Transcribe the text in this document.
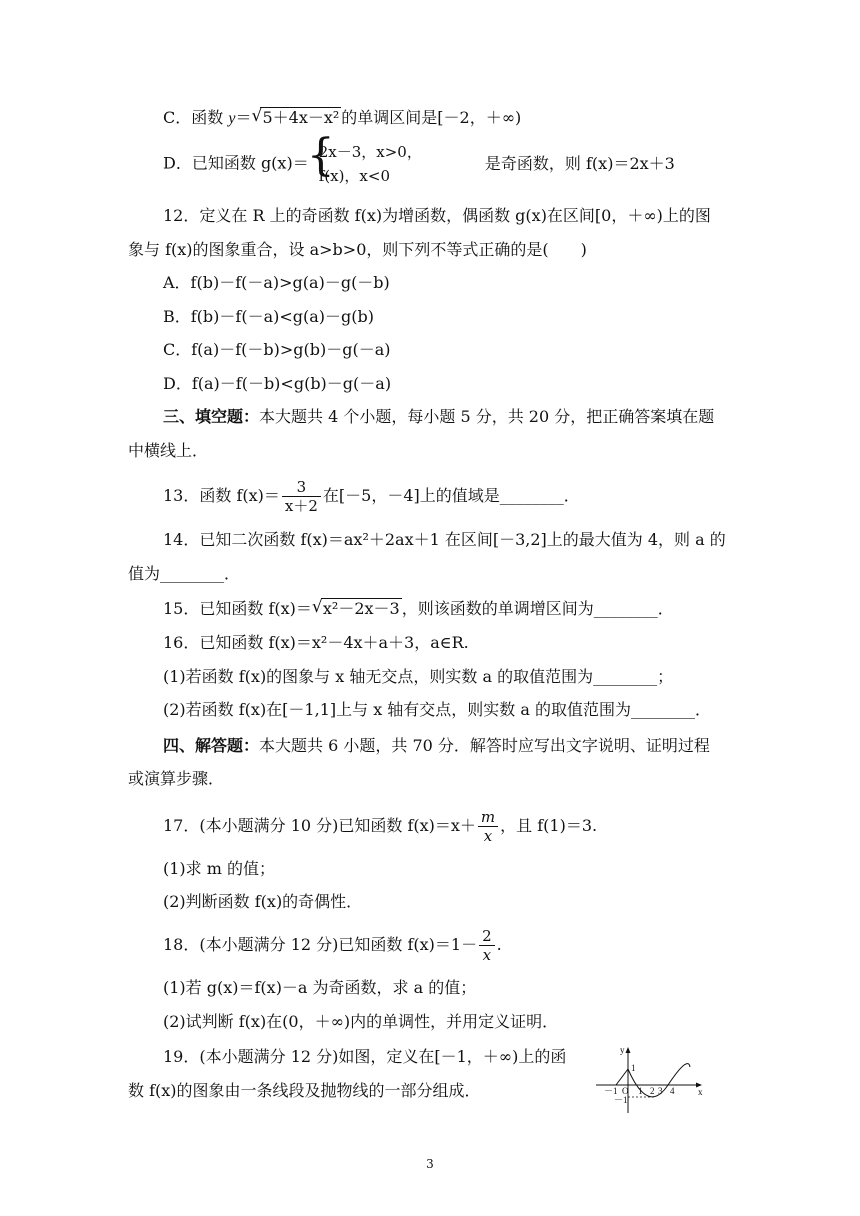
C．函数 y＝ √ 5＋4x－x² 的单调区间是[－2，＋∞)
D．已知函数 g(x)＝
{
2x－3，x>0，
f(x)，x<0
是奇函数，则 f(x)＝2x＋3
12．定义在 R 上的奇函数 f(x)为增函数，偶函数 g(x)在区间[0，＋∞)上的图
象与 f(x)的图象重合，设 a>b>0，则下列不等式正确的是(　　)
A．f(b)－f(－a)>g(a)－g(－b)
B．f(b)－f(－a)<g(a)－g(b)
C．f(a)－f(－b)>g(b)－g(－a)
D．f(a)－f(－b)<g(b)－g(－a)
三、填空题：本大题共 4 个小题，每小题 5 分，共 20 分，把正确答案填在题
中横线上．
13．函数 $f(x)= \frac{3}{x+2}$ 在[－5，－4]上的值域是________．
14．已知二次函数 f(x)＝ax²＋2ax＋1 在区间[－3,2]上的最大值为 4，则 a 的
值为________．
15．已知函数 f(x)＝ √ x²－2x－3 ，则该函数的单调增区间为________．
16．已知函数 f(x)＝x²－4x＋a＋3，a∈R.
(1)若函数 f(x)的图象与 x 轴无交点，则实数 a 的取值范围为________；
(2)若函数 f(x)在[－1,1]上与 x 轴有交点，则实数 a 的取值范围为________．
四、解答题：本大题共 6 小题，共 70 分．解答时应写出文字说明、证明过程
或演算步骤．
17．(本小题满分 10 分)已知函数 $f(x)=x+ \frac{m}{x}$ ，且 f(1)＝3.
(1)求 m 的值；
(2)判断函数 f(x)的奇偶性．
18．(本小题满分 12 分)已知函数 $f(x)=1- \frac{2}{x}$ .
(1)若 g(x)＝f(x)－a 为奇函数，求 a 的值；
(2)试判断 f(x)在(0，＋∞)内的单调性，并用定义证明．
19．(本小题满分 12 分)如图，定义在[－1，＋∞)上的函
数 f(x)的图象由一条线段及抛物线的一部分组成．
y
x
1
－1
O
－1 1 2 3 4
3
